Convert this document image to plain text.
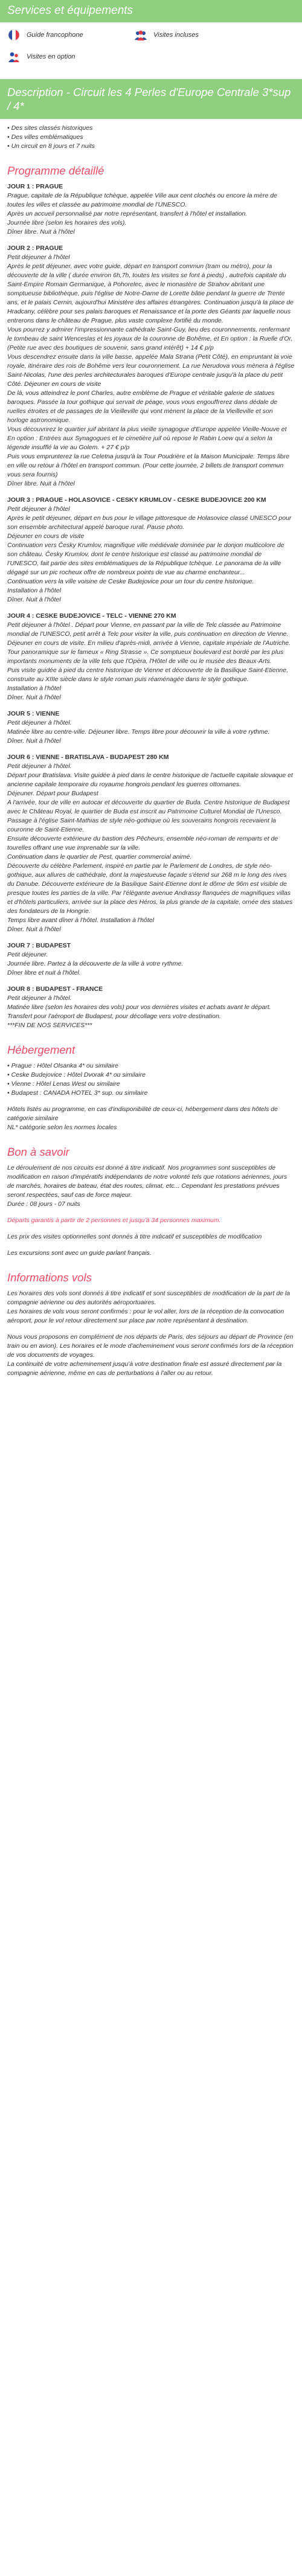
Services et équipements
Guide francophone	Visites incluses
Visites en option
Description - Circuit les 4 Perles d'Europe Centrale 3*sup / 4*
• Des sites classés historiques
• Des villes emblématiques
• Un circuit en 8 jours et 7 nuits
Programme détaillé
JOUR 1 : PRAGUE

Prague, capitale de la République tchèque, appelée Ville aux cent clochés ou encore la mère de toutes les villes et classée au patrimoine mondial de l'UNESCO.

Après un accueil personnalisé par notre représentant, transfert à l'hôtel et installation.

Journée libre (selon les horaires des vols).

Dîner libre. Nuit à l'hôtel

JOUR 2 : PRAGUE

Petit déjeuner à l'hôtel

Après le petit déjeuner, avec votre guide, départ en transport commun (tram ou métro), pour la découverte de la ville ( durée environ 6h,7h, toutes les visites se font à pieds) , autrefois capitale du Saint-Empire Romain Germanique, à Pohorelec, avec le monastère de Strahov abritant une somptueuse bibliothèque, puis l'église de Notre-Dame de Lorette bâtie pendant la guerre de Trente ans, et le palais Cernin, aujourd'hui Ministère des affaires étrangères. Continuation jusqu'à la place de Hradcany, célèbre pour ses palais baroques et Renaissance et la porte des Géants par laquelle nous entrerons dans le château de Prague, plus vaste complexe fortifié du monde.

Vous pourrez y admirer l'impressionnante cathédrale Saint-Guy, lieu des couronnements, renfermant le tombeau de saint Wenceslas et les joyaux de la couronne de Bohême, et En option : la Ruelle d'Or. (Petite rue avec des boutiques de souvenir, sans grand intérêt) + 14 € p/p

Vous descendrez ensuite dans la ville basse, appelée Mala Strana (Petit Côté), en empruntant la voie royale, itinéraire des rois de Bohême vers leur couronnement. La rue Nerudova vous mènera à l'église Saint-Nicolas, l'une des perles architecturales baroques d'Europe centrale jusqu'à la place du petit Côté. Déjeuner en cours de visite

De là, vous atteindrez le pont Charles, autre emblème de Prague et véritable galerie de statues baroques. Passée la tour gothique qui servait de péage, vous vous engouffrerez dans dédale de ruelles étroites et de passages de la Vieilleville qui vont mènent la place de la Vieilleville et son horloge astronomique.

Vous découvrirez le quartier juif abritant la plus vieille synagogue d'Europe appelée Vieille-Nouve et En option : Entrées aux Synagogues et le cimetière juif où repose le Rabin Loew qui a selon la légende insufflé la vie au Golem. + 27 € p/p

Puis vous emprunterez la rue Celetna jusqu'à la Tour Poudrière et la Maison Municipale. Temps libre en ville ou retour à l'hôtel en transport commun. (Pour cette journée, 2 billets de transport commun vous sera fournis)

Dîner libre. Nuit à l'hôtel

JOUR 3 : PRAGUE - HOLASOVICE - CESKY KRUMLOV - CESKE BUDEJOVICE 200 KM

Petit déjeuner à l'hôtel

Après le petit déjeuner, départ en bus pour le village pittoresque de Holasovice classé UNESCO pour son ensemble architectural appelé baroque rural. Pause photo.

Déjeuner en cours de visite

Continuation vers Česky Krumlov, magnifique ville médiévale dominée par le donjon multicolore de son château. Česky Krumlov, dont le centre historique est classé au patrimoine mondial de l'UNESCO, fait partie des sites emblématiques de la République tchèque. Le panorama de la ville dégagé sur un pic rocheux offre de nombreux points de vue au charme enchanteur...

Continuation vers la ville voisine de Ceske Budejovice pour un tour du centre historique.

Installation à l'hôtel

Dîner. Nuit à l'hôtel

JOUR 4 : CESKE BUDEJOVICE - TELC - VIENNE 270 KM

Petit déjeuner à l'hôtel . Départ pour Vienne, en passant par la ville de Telc classée au Patrimoine mondial de l'UNESCO, petit arrêt à Telc pour visiter la ville, puis continuation en direction de Vienne.

Déjeuner en cours de visite. En milieu d'après-midi, arrivée à Vienne, capitale impériale de l'Autriche.

Tour panoramique sur le fameux « Ring Strasse ». Ce somptueux boulevard est bordé par les plus importants monuments de la ville tels que l'Opéra, l'Hôtel de ville ou le musée des Beaux-Arts.

Puis visite guidée à pied du centre historique de Vienne et découverte de la Basilique Saint-Etienne, construite au XIIIe siècle dans le style roman puis réaménagée dans le style gothique.

Installation à l'hôtel

Dîner. Nuit à l'hôtel

JOUR 5 : VIENNE

Petit déjeuner à l'hôtel.

Matinée libre au centre-ville. Déjeuner libre. Temps libre pour découvrir la ville à votre rythme.

Dîner. Nuit à l'hôtel

JOUR 6 : VIENNE - BRATISLAVA - BUDAPEST 280 KM

Petit déjeuner à l'hôtel.

Départ pour Bratislava. Visite guidée à pied dans le centre historique de l'actuelle capitale slovaque et ancienne capitale temporaire du royaume hongrois pendant les guerres ottomanes.

Déjeuner. Départ pour Budapest

A l'arrivée, tour de ville en autocar et découverte du quartier de Buda. Centre historique de Budapest avec le Château Royal, le quartier de Buda est inscrit au Patrimoine Culturel Mondial de l'Unesco. Passage à l'église Saint-Mathias de style néo-gothique où les souverains hongrois recevaient la couronne de Saint-Etienne.

Ensuite découverte extérieure du bastion des Pêcheurs, ensemble néo-roman de remparts et de tourelles offrant une vue imprenable sur la ville.

Continuation dans le quartier de Pest, quartier commercial animé.

Découverte du célèbre Parlement, inspiré en partie par le Parlement de Londres, de style néo-gothique, aux allures de cathédrale, dont la majestueuse façade s'étend sur 268 m le long des rives du Danube. Découverte extérieure de la Basilique Saint-Etienne dont le dôme de 96m est visible de presque toutes les parties de la ville. Par l'élégante avenue Andrassy flanquées de magnifiques villas et d'hôtels particuliers, arrivée sur la place des Héros, la plus grande de la capitale, ornée des statues des fondateurs de la Hongrie.

Temps libre avant dîner à l'hôtel. Installation à l'hôtel

Dîner. Nuit à l'hôtel

JOUR 7 : BUDAPEST

Petit déjeuner.

Journée libre. Partez à la découverte de la ville à votre rythme.

Dîner libre et nuit à l'hôtel.

JOUR 8 : BUDAPEST - FRANCE

Petit déjeuner à l'hôtel.

Matinée libre (selon les horaires des vols) pour vos dernières visites et achats avant le départ. Transfert pour l'aéroport de Budapest, pour décollage vers votre destination.

***FIN DE NOS SERVICES***

Hébergement
• Prague : Hôtel Olsanka 4* ou similaire
• Ceske Budejovice : Hôtel Dvorak 4* ou similaire
• Vienne : Hôtel Lenas West ou similaire
• Budapest : CANADA HOTEL 3* sup. ou similaire

Hôtels listés au programme, en cas d'indisponibilité de ceux-ci, hébergement dans des hôtels de catégorie similaire

NL* catégorie selon les normes locales

Bon à savoir

Le déroulement de nos circuits est donné à titre indicatif. Nos programmes sont susceptibles de modification en raison d'impératifs indépendants de notre volonté tels que rotations aériennes, jours de marchés, horaires de bateau, état des routes, climat, etc... Cependant les prestations prévues seront respectées, sauf cas de force majeur.
Durée : 08 jours - 07 nuits

Départs garantis à partir de 2 personnes et jusqu'à 34 personnes maximum.

Les prix des visites optionnelles sont donnés à titre indicatif et susceptibles de modification

Les excursions sont avec un guide parlant français.

Informations vols

Les horaires des vols sont donnés à titre indicatif et sont susceptibles de modification de la part de la compagnie aérienne ou des autorités aéroportuaires.
Les horaires de vols vous seront confirmés : pour le vol aller, lors de la réception de la convocation aéroport, pour le vol retour directement sur place par notre représentant à destination.

Nous vous proposons en complément de nos départs de Paris, des séjours au départ de Province (en train ou en avion). Les horaires et le mode d'acheminement vous seront confirmés lors de la réception de vos documents de voyages.
La continuité de votre acheminement jusqu'à votre destination finale est assuré directement par la compagnie aérienne, même en cas de perturbations à l'aller ou au retour.
